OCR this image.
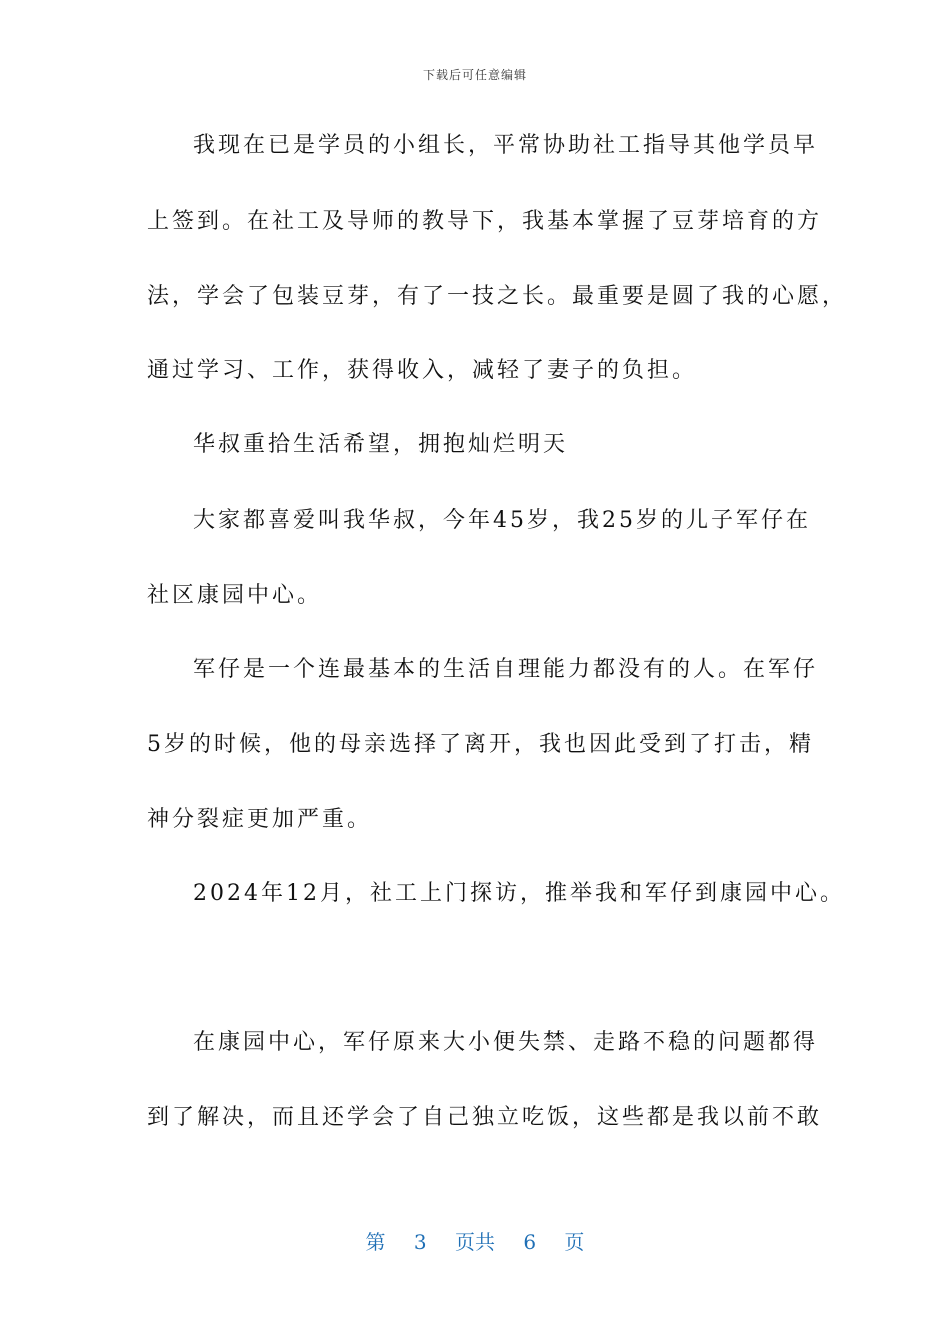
下载后可任意编辑
我现在已是学员的小组长，平常协助社工指导其他学员早
上签到。在社工及导师的教导下，我基本掌握了豆芽培育的方
法，学会了包装豆芽，有了一技之长。最重要是圆了我的心愿，
通过学习、工作，获得收入，减轻了妻子的负担。
华叔重拾生活希望，拥抱灿烂明天
大家都喜爱叫我华叔，今年45岁，我25岁的儿子军仔在
社区康园中心。
军仔是一个连最基本的生活自理能力都没有的人。在军仔
5岁的时候，他的母亲选择了离开，我也因此受到了打击，精
神分裂症更加严重。
2024年12月，社工上门探访，推举我和军仔到康园中心。
在康园中心，军仔原来大小便失禁、走路不稳的问题都得
到了解决，而且还学会了自己独立吃饭，这些都是我以前不敢
第 3 页共 6 页
